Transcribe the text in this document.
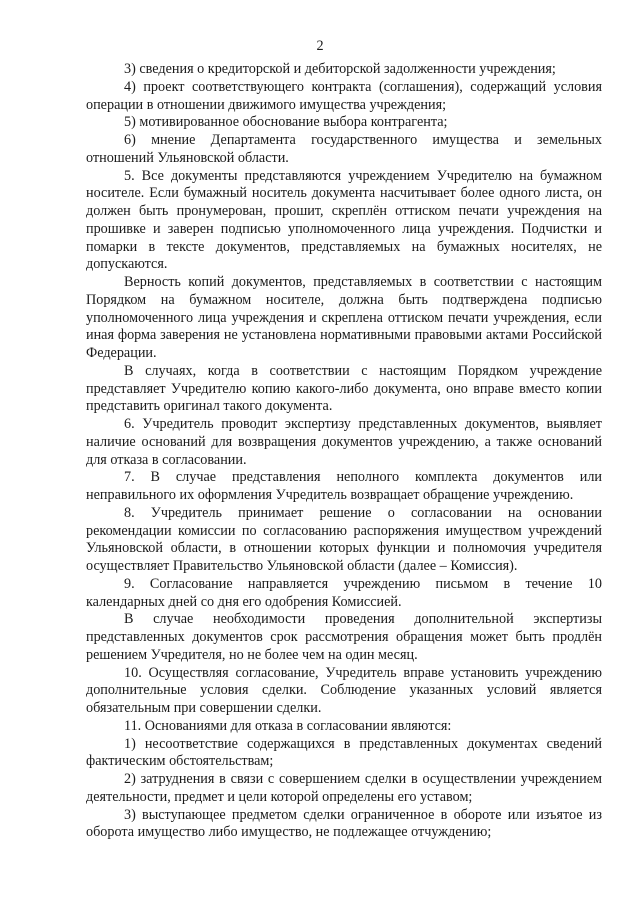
2

3) сведения о кредиторской и дебиторской задолженности учреждения;

4) проект соответствующего контракта (соглашения), содержащий условия операции в отношении движимого имущества учреждения;

5) мотивированное обоснование выбора контрагента;

6) мнение Департамента государственного имущества и земельных отношений Ульяновской области.

5. Все документы представляются учреждением Учредителю на бумажном носителе. Если бумажный носитель документа насчитывает более одного листа, он должен быть пронумерован, прошит, скреплён оттиском печати учреждения на прошивке и заверен подписью уполномоченного лица учреждения. Подчистки и помарки в тексте документов, представляемых на бумажных носителях, не допускаются.

Верность копий документов, представляемых в соответствии с настоящим Порядком на бумажном носителе, должна быть подтверждена подписью уполномоченного лица учреждения и скреплена оттиском печати учреждения, если иная форма заверения не установлена нормативными правовыми актами Российской Федерации.

В случаях, когда в соответствии с настоящим Порядком учреждение представляет Учредителю копию какого-либо документа, оно вправе вместо копии представить оригинал такого документа.

6. Учредитель проводит экспертизу представленных документов, выявляет наличие оснований для возвращения документов учреждению, а также оснований для отказа в согласовании.

7. В случае представления неполного комплекта документов или неправильного их оформления Учредитель возвращает обращение учреждению.

8. Учредитель принимает решение о согласовании на основании рекомендации комиссии по согласованию распоряжения имуществом учреждений Ульяновской области, в отношении которых функции и полномочия учредителя осуществляет Правительство Ульяновской области (далее – Комиссия).

9. Согласование направляется учреждению письмом в течение 10 календарных дней со дня его одобрения Комиссией.

В случае необходимости проведения дополнительной экспертизы представленных документов срок рассмотрения обращения может быть продлён решением Учредителя, но не более чем на один месяц.

10. Осуществляя согласование, Учредитель вправе установить учреждению дополнительные условия сделки. Соблюдение указанных условий является обязательным при совершении сделки.

11. Основаниями для отказа в согласовании являются:

1) несоответствие содержащихся в представленных документах сведений фактическим обстоятельствам;

2) затруднения в связи с совершением сделки в осуществлении учреждением деятельности, предмет и цели которой определены его уставом;

3) выступающее предметом сделки ограниченное в обороте или изъятое из оборота имущество либо имущество, не подлежащее отчуждению;
